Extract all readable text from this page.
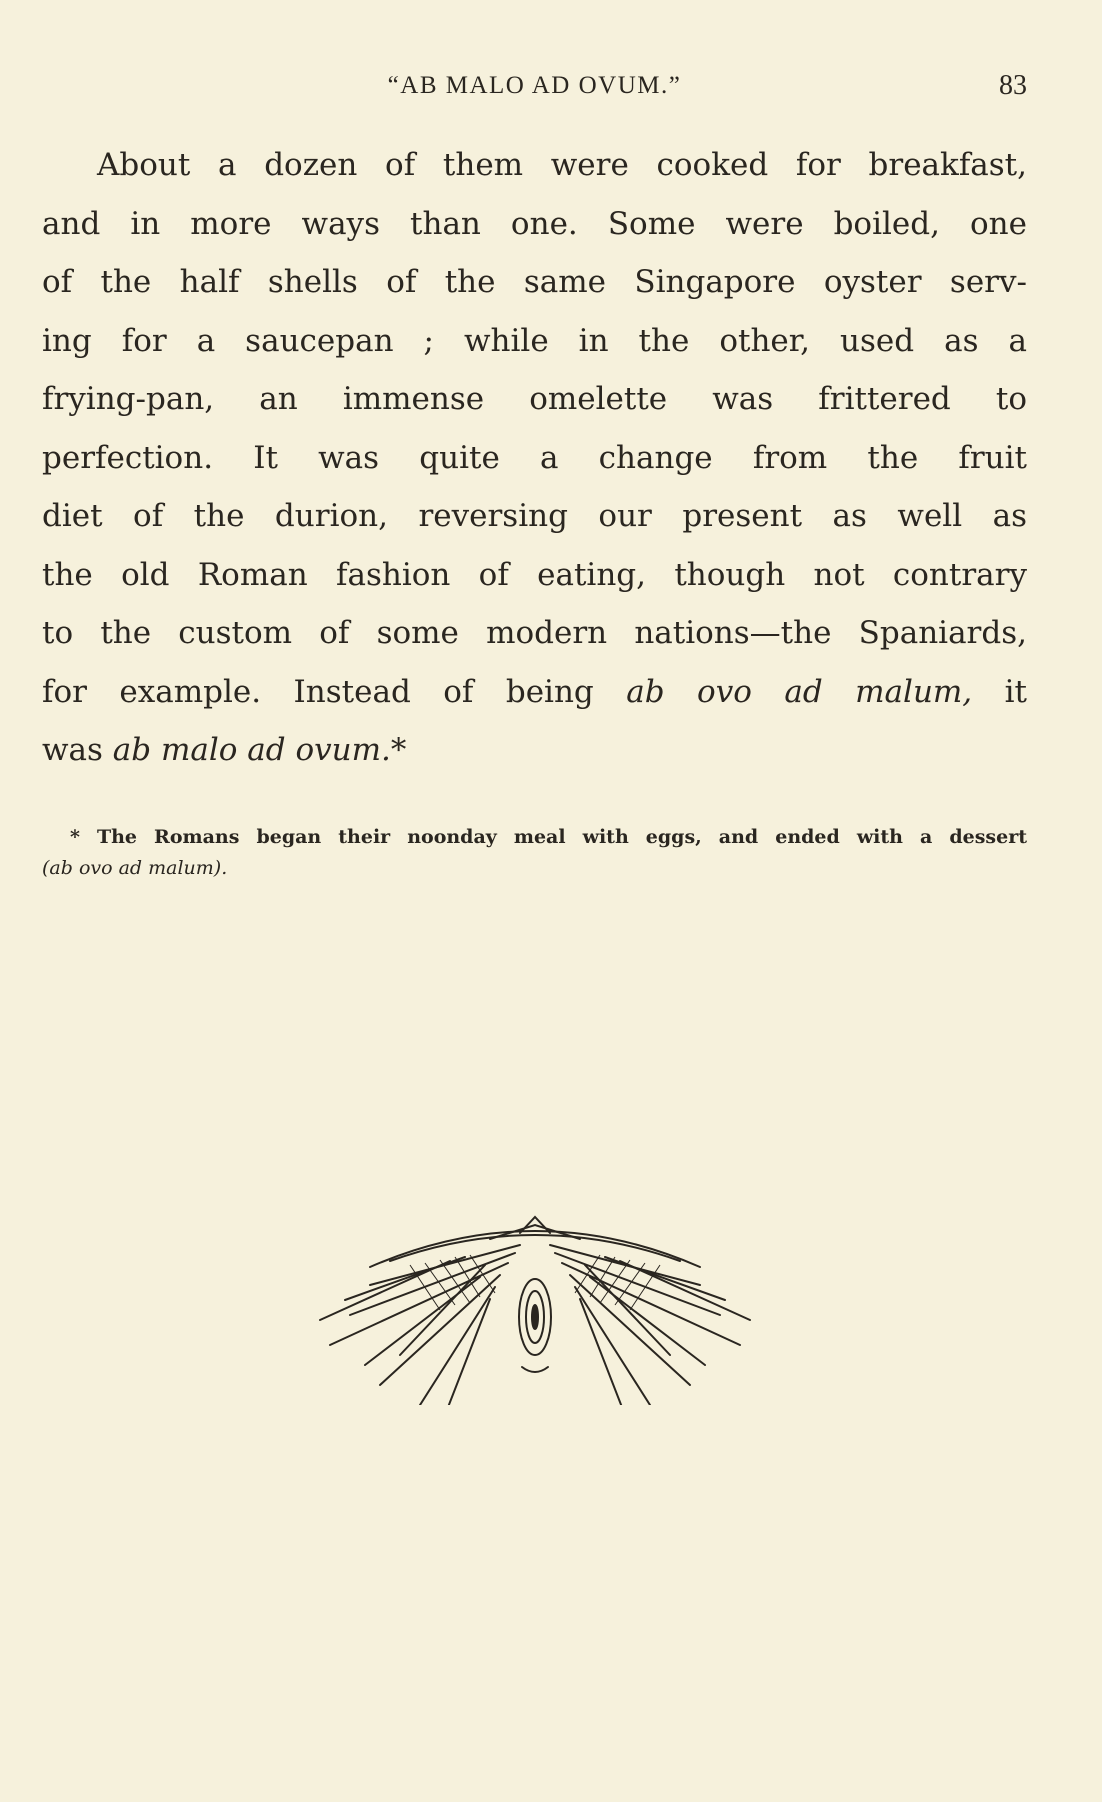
“AB MALO AD OVUM.”	83
About a dozen of them were cooked for breakfast,
and in more ways than one. Some were boiled, one
of the half shells of the same Singapore oyster serv-
ing for a saucepan ; while in the other, used as a
frying-pan, an immense omelette was frittered to
perfection. It was quite a change from the fruit
diet of the durion, reversing our present as well as
the old Roman fashion of eating, though not contrary
to the custom of some modern nations—the Spaniards,
for example. Instead of being ab ovo ad malum, it
was ab malo ad ovum.*
* The Romans began their noonday meal with eggs, and ended with a dessert
(ab ovo ad malum).
